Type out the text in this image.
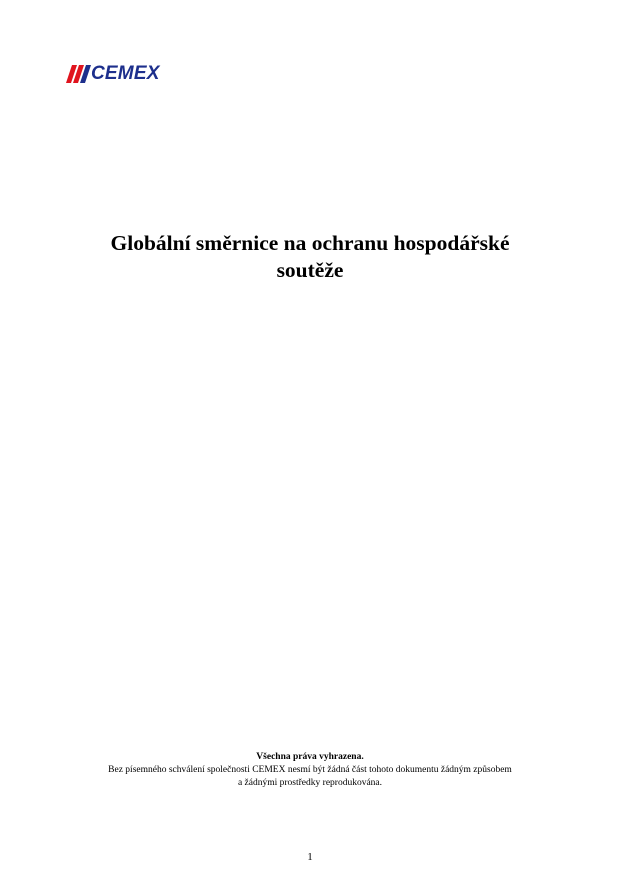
CEMEX
Globální směrnice na ochranu hospodářské
soutěže
Všechna práva vyhrazena.
Bez písemného schválení společnosti CEMEX nesmí být žádná část tohoto dokumentu žádným způsobem
a žádnými prostředky reprodukována.
1
